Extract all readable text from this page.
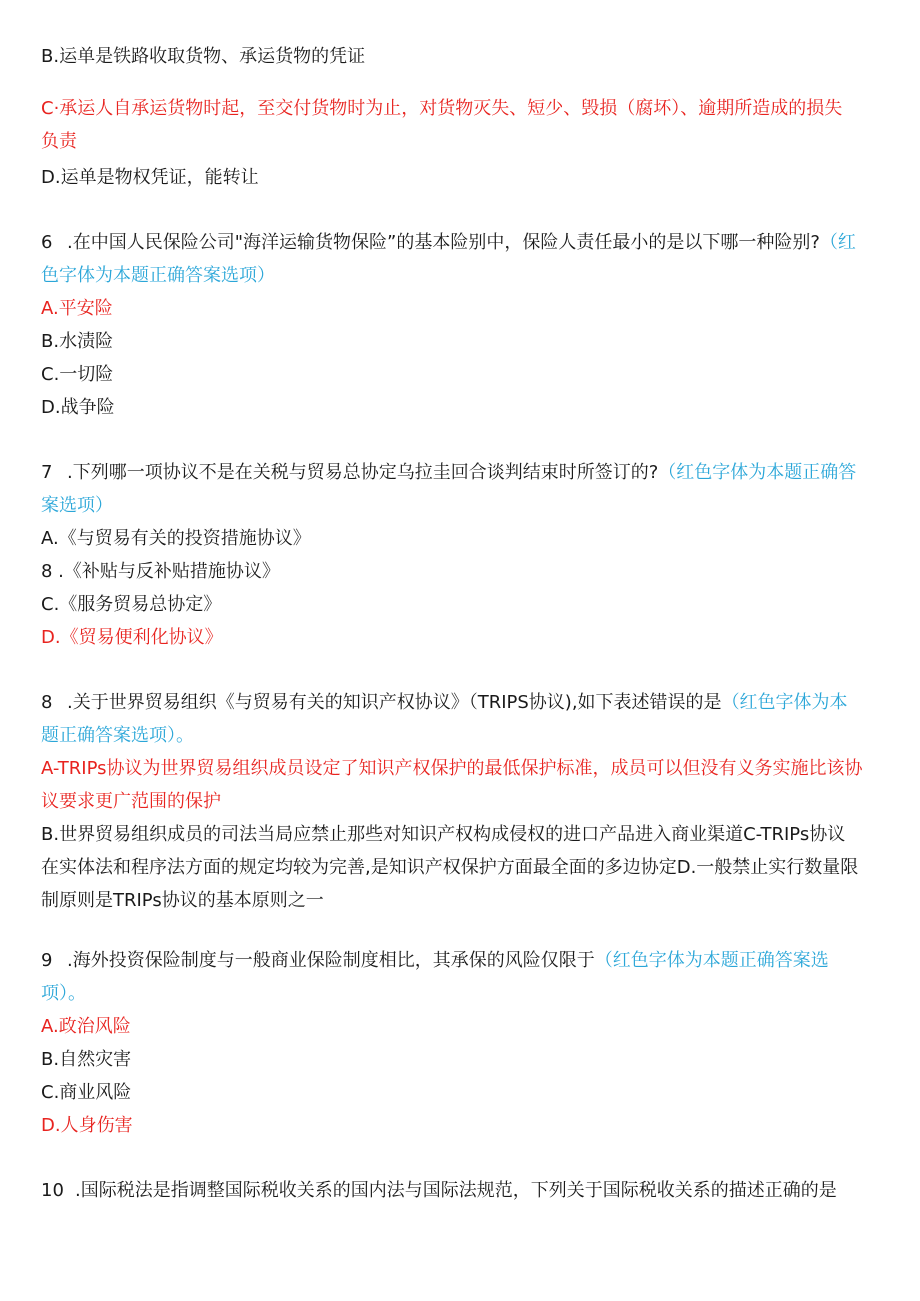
B.运单是铁路收取货物、承运货物的凭证
C·承运人自承运货物时起，至交付货物时为止，对货物灭失、短少、毁损（腐坏）、逾期所造成的损失
负责
D.运单是物权凭证，能转让
6 .在中国人民保险公司"海洋运输货物保险”的基本险别中，保险人责任最小的是以下哪一种险别?（红
色字体为本题正确答案选项）
A.平安险
B.水渍险
C.一切险
D.战争险
7 .下列哪一项协议不是在关税与贸易总协定乌拉圭回合谈判结束时所签订的?（红色字体为本题正确答
案选项）
A.《与贸易有关的投资措施协议》
8 .《补贴与反补贴措施协议》
C.《服务贸易总协定》
D.《贸易便利化协议》
8 .关于世界贸易组织《与贸易有关的知识产权协议》（TRIPS协议),如下表述错误的是（红色字体为本
题正确答案选项）。
A-TRIPs协议为世界贸易组织成员设定了知识产权保护的最低保护标准，成员可以但没有义务实施比该协
议要求更广范围的保护
B.世界贸易组织成员的司法当局应禁止那些对知识产权构成侵权的进口产品进入商业渠道C-TRIPs协议
在实体法和程序法方面的规定均较为完善,是知识产权保护方面最全面的多边协定D.一般禁止实行数量限
制原则是TRIPs协议的基本原则之一
9 .海外投资保险制度与一般商业保险制度相比，其承保的风险仅限于（红色字体为本题正确答案选
项）。
A.政治风险
B.自然灾害
C.商业风险
D.人身伤害
10 .国际税法是指调整国际税收关系的国内法与国际法规范，下列关于国际税收关系的描述正确的是
